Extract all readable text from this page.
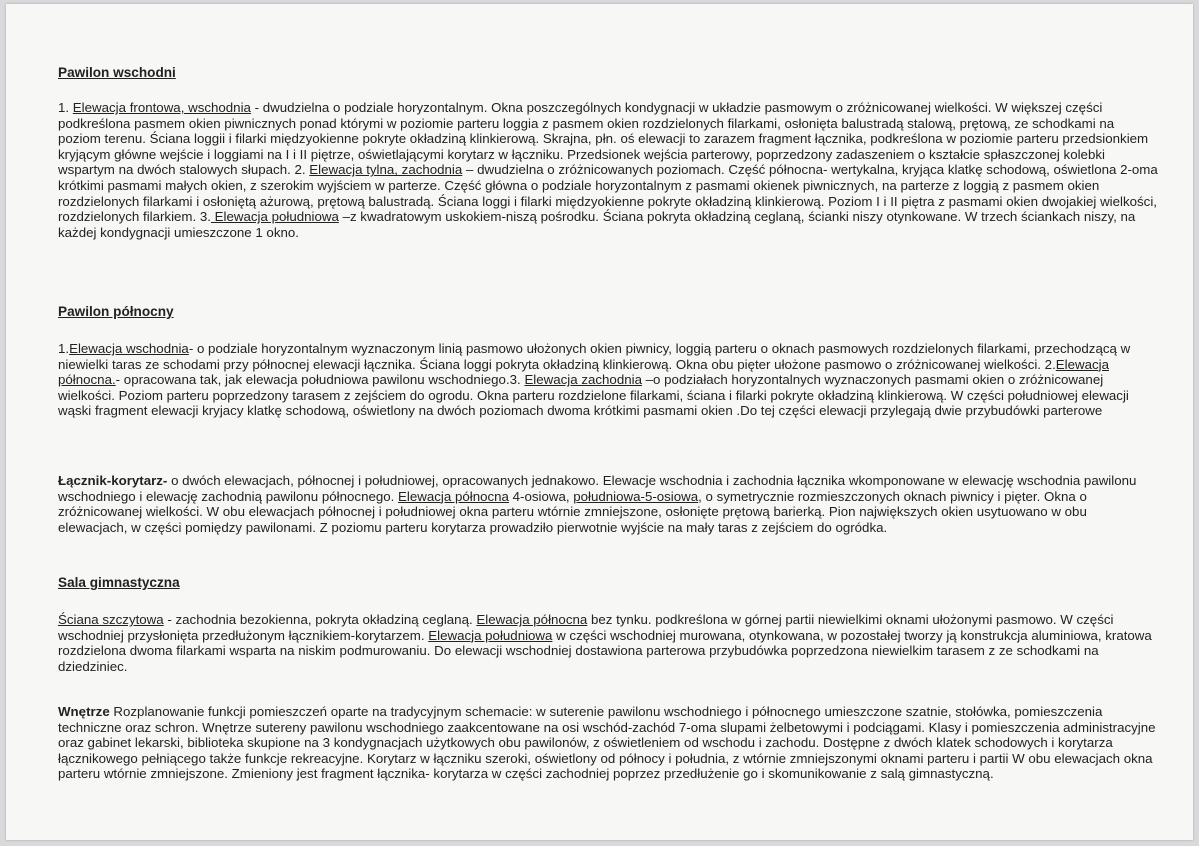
Pawilon wschodni

1. Elewacja frontowa, wschodnia - dwudzielna o podziale horyzontalnym. Okna poszczególnych kondygnacji w układzie pasmowym o zróżnicowanej wielkości. W większej części podkreślona pasmem okien piwnicznych ponad którymi w poziomie parteru loggia z pasmem okien rozdzielonych filarkami, osłonięta balustradą stalową, prętową, ze schodkami na poziom terenu. Ściana loggii i filarki międzyokienne pokryte okładziną klinkierową. Skrajna, płn. oś elewacji to zarazem fragment łącznika, podkreślona w poziomie parteru przedsionkiem kryjącym główne wejście i loggiami na I i II piętrze, oświetlającymi korytarz w łączniku. Przedsionek wejścia parterowy, poprzedzony zadaszeniem o kształcie spłaszczonej kolebki wspartym na dwóch stalowych słupach. 2. Elewacja tylna, zachodnia – dwudzielna o zróżnicowanych poziomach. Część północna- wertykalna, kryjąca klatkę schodową, oświetlona 2-oma krótkimi pasmami małych okien, z szerokim wyjściem w parterze. Część główna o podziale horyzontalnym z pasmami okienek piwnicznych, na parterze z loggią z pasmem okien rozdzielonych filarkami i osłoniętą ażurową, prętową balustradą. Ściana loggi i filarki międzyokienne pokryte okładziną klinkierową. Poziom I i II piętra z pasmami okien dwojakiej wielkości, rozdzielonych filarkiem. 3. Elewacja południowa –z kwadratowym uskokiem-niszą pośrodku. Ściana pokryta okładziną ceglaną, ścianki niszy otynkowane. W trzech ściankach niszy, na każdej kondygnacji umieszczone 1 okno.

Pawilon północny

1.Elewacja wschodnia- o podziale horyzontalnym wyznaczonym linią pasmowo ułożonych okien piwnicy, loggią parteru o oknach pasmowych rozdzielonych filarkami, przechodzącą w niewielki taras ze schodami przy północnej elewacji łącznika. Ściana loggi pokryta okładziną klinkierową. Okna obu pięter ułożone pasmowo o zróżnicowanej wielkości. 2.Elewacja północna.- opracowana tak, jak elewacja południowa pawilonu wschodniego.3. Elewacja zachodnia –o podziałach horyzontalnych wyznaczonych pasmami okien o zróżnicowanej wielkości. Poziom parteru poprzedzony tarasem z zejściem do ogrodu. Okna parteru rozdzielone filarkami, ściana i filarki pokryte okładziną klinkierową. W części południowej elewacji wąski fragment elewacji kryjacy klatkę schodową, oświetlony na dwóch poziomach dwoma krótkimi pasmami okien .Do tej części elewacji przylegają dwie przybudówki parterowe

Łącznik-korytarz- o dwóch elewacjach, północnej i południowej, opracowanych jednakowo. Elewacje wschodnia i zachodnia łącznika wkomponowane w elewację wschodnia pawilonu wschodniego i elewację zachodnią pawilonu północnego. Elewacja północna 4-osiowa, południowa-5-osiowa, o symetrycznie rozmieszczonych oknach piwnicy i pięter. Okna o zróżnicowanej wielkości. W obu elewacjach północnej i południowej okna parteru wtórnie zmniejszone, osłonięte prętową barierką. Pion największych okien usytuowano w obu elewacjach, w części pomiędzy pawilonami. Z poziomu parteru korytarza prowadziło pierwotnie wyjście na mały taras z zejściem do ogródka.

Sala gimnastyczna

Ściana szczytowa - zachodnia bezokienna, pokryta okładziną ceglaną. Elewacja północna bez tynku. podkreślona w górnej partii niewielkimi oknami ułożonymi pasmowo. W części wschodniej przysłonięta przedłużonym łącznikiem-korytarzem. Elewacja południowa w części wschodniej murowana, otynkowana, w pozostałej tworzy ją konstrukcja aluminiowa, kratowa rozdzielona dwoma filarkami wsparta na niskim podmurowaniu. Do elewacji wschodniej dostawiona parterowa przybudówka poprzedzona niewielkim tarasem z ze schodkami na dziedziniec.

Wnętrze Rozplanowanie funkcji pomieszczeń oparte na tradycyjnym schemacie: w suterenie pawilonu wschodniego i północnego umieszczone szatnie, stołówka, pomieszczenia techniczne oraz schron. Wnętrze sutereny pawilonu wschodniego zaakcentowane na osi wschód-zachód 7-oma slupami żelbetowymi i podciągami. Klasy i pomieszczenia administracyjne oraz gabinet lekarski, biblioteka skupione na 3 kondygnacjach użytkowych obu pawilonów, z oświetleniem od wschodu i zachodu. Dostępne z dwóch klatek schodowych i korytarza łącznikowego pełniącego także funkcje rekreacyjne. Korytarz w łączniku szeroki, oświetlony od północy i południa, z wtórnie zmniejszonymi oknami parteru i partii W obu elewacjach okna parteru wtórnie zmniejszone. Zmieniony jest fragment łącznika- korytarza w części zachodniej poprzez przedłużenie go i skomunikowanie z salą gimnastyczną.
